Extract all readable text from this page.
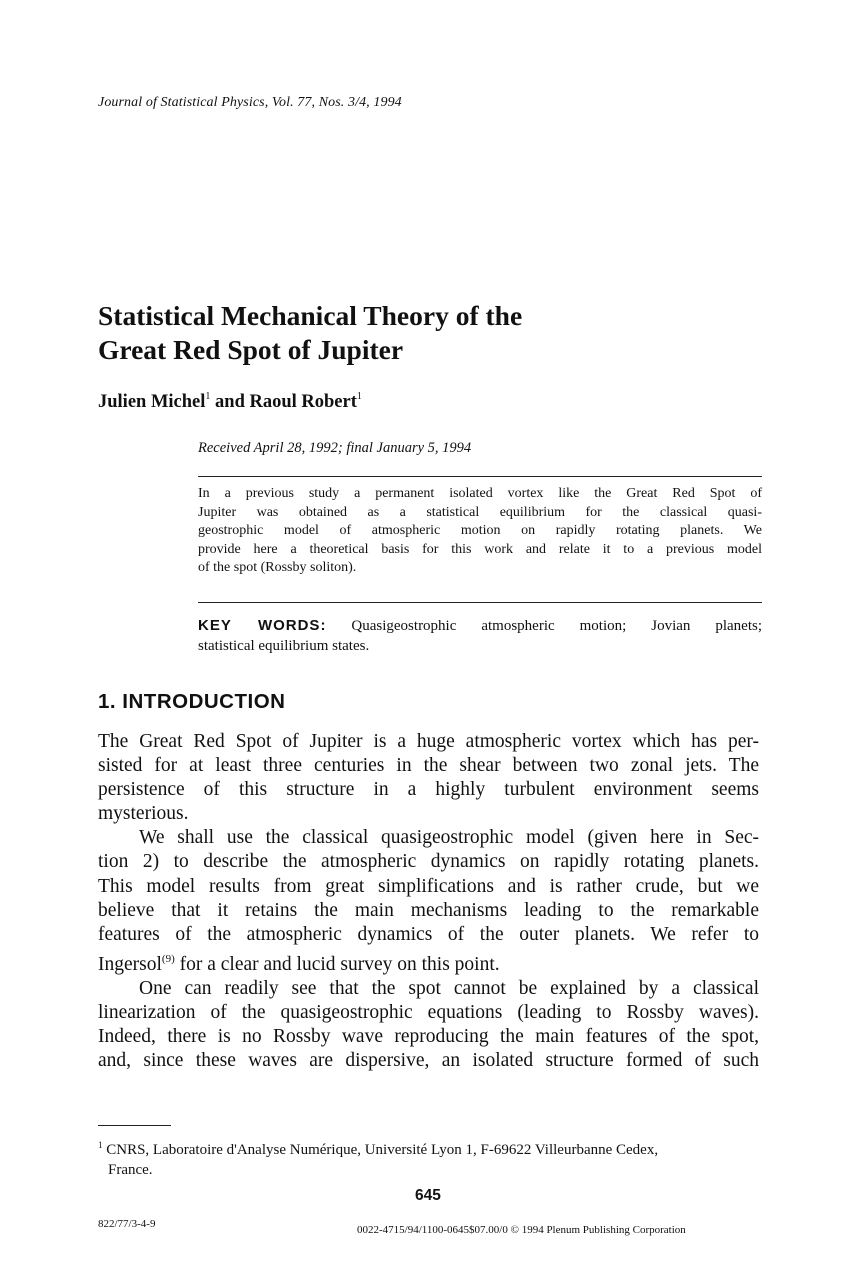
Journal of Statistical Physics, Vol. 77, Nos. 3/4, 1994
Statistical Mechanical Theory of the
Great Red Spot of Jupiter
Julien Michel$^1$ and Raoul Robert$^1$
Received April 28, 1992; final January 5, 1994
In a previous study a permanent isolated vortex like the Great Red Spot of
Jupiter was obtained as a statistical equilibrium for the classical quasi-
geostrophic model of atmospheric motion on rapidly rotating planets. We
provide here a theoretical basis for this work and relate it to a previous model
of the spot (Rossby soliton).
KEY WORDS: Quasigeostrophic atmospheric motion; Jovian planets;
statistical equilibrium states.
1. INTRODUCTION
The Great Red Spot of Jupiter is a huge atmospheric vortex which has per-
sisted for at least three centuries in the shear between two zonal jets. The
persistence of this structure in a highly turbulent environment seems
mysterious.
We shall use the classical quasigeostrophic model (given here in Sec-
tion 2) to describe the atmospheric dynamics on rapidly rotating planets.
This model results from great simplifications and is rather crude, but we
believe that it retains the main mechanisms leading to the remarkable
features of the atmospheric dynamics of the outer planets. We refer to
Ingersol$^{(9)}$ for a clear and lucid survey on this point.
One can readily see that the spot cannot be explained by a classical
linearization of the quasigeostrophic equations (leading to Rossby waves).
Indeed, there is no Rossby wave reproducing the main features of the spot,
and, since these waves are dispersive, an isolated structure formed of such
$^1$ CNRS, Laboratoire d'Analyse Numérique, Université Lyon 1, F-69622 Villeurbanne Cedex,
France.
645
822/77/3-4-9	0022-4715/94/1100-0645$07.00/0 © 1994 Plenum Publishing Corporation
